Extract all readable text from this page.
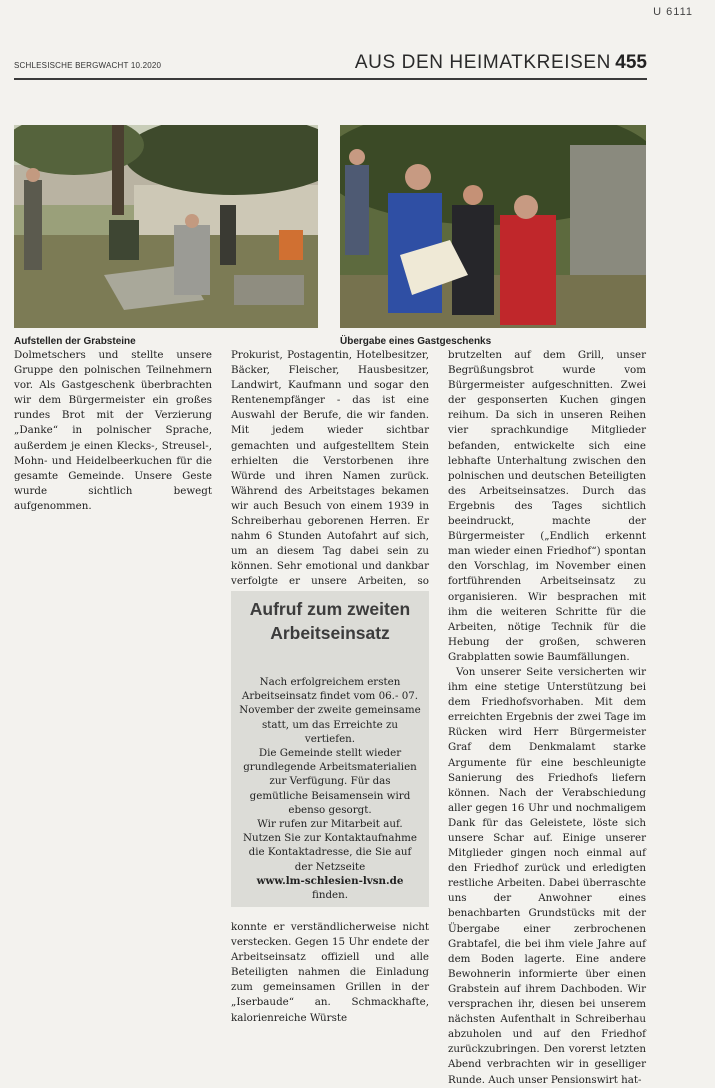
U 6111
SCHLESISCHE BERGWACHT 10.2020	AUS DEN HEIMATKREISEN 455
Aufstellen der Grabsteine	Übergabe eines Gastgeschenks

Dolmetschers und stellte unsere Gruppe den polnischen Teilnehmern vor. Als Gastgeschenk überbrachten wir dem Bürgermeister ein großes rundes Brot mit der Verzierung „Danke“ in polnischer Sprache, außerdem je einen Klecks-, Streusel-, Mohn- und Heidelbeerkuchen für die gesamte Gemeinde. Unsere Geste wurde sichtlich bewegt aufgenommen.

Prokurist, Postagentin, Hotelbesitzer, Bäcker, Fleischer, Hausbesitzer, Landwirt, Kaufmann und sogar den Rentenempfänger - das ist eine Auswahl der Berufe, die wir fanden. Mit jedem wieder sichtbar gemachten und aufgestelltem Stein erhielten die Verstorbenen ihre Würde und ihren Namen zurück. Während des Arbeitstages bekamen wir auch Besuch von einem 1939 in Schreiberhau geborenen Herren. Er nahm 6 Stunden Autofahrt auf sich, um an diesem Tag dabei sein zu können. Sehr emotional und dankbar verfolgte er unsere Arbeiten, so

Aufruf zum zweiten
Arbeitseinsatz

Nach erfolgreichem ersten Arbeitseinsatz findet vom 06.- 07. November der zweite gemeinsame statt, um das Erreichte zu vertiefen.

Die Gemeinde stellt wieder grundlegende Arbeitsmaterialien zur Verfügung. Für das gemütliche Beisamensein wird ebenso gesorgt.

Wir rufen zur Mitarbeit auf. Nutzen Sie zur Kontaktaufnahme die Kontaktadresse, die Sie auf der Netzseite

www.lm-schlesien-lvsn.de

finden.

konnte er verständlicherweise nicht verstecken. Gegen 15 Uhr endete der Arbeitseinsatz offiziell und alle Beteiligten nahmen die Einladung zum gemeinsamen Grillen in der „Iserbaude“ an. Schmackhafte, kalorienreiche Würste

brutzelten auf dem Grill, unser Begrüßungsbrot wurde vom Bürgermeister aufgeschnitten. Zwei der gesponserten Kuchen gingen reihum. Da sich in unseren Reihen vier sprachkundige Mitglieder befanden, entwickelte sich eine lebhafte Unterhaltung zwischen den polnischen und deutschen Beteiligten des Arbeitseinsatzes. Durch das Ergebnis des Tages sichtlich beeindruckt, machte der Bürgermeister („Endlich erkennt man wieder einen Friedhof“) spontan den Vorschlag, im November einen fortführenden Arbeitseinsatz zu organisieren. Wir besprachen mit ihm die weiteren Schritte für die Arbeiten, nötige Technik für die Hebung der großen, schweren Grabplatten sowie Baumfällungen.

Von unserer Seite versicherten wir ihm eine stetige Unterstützung bei dem Friedhofsvorhaben. Mit dem erreichten Ergebnis der zwei Tage im Rücken wird Herr Bürgermeister Graf dem Denkmalamt starke Argumente für eine beschleunigte Sanierung des Friedhofs liefern können. Nach der Verabschiedung aller gegen 16 Uhr und nochmaligem Dank für das Geleistete, löste sich unsere Schar auf. Einige unserer Mitglieder gingen noch einmal auf den Friedhof zurück und erledigten restliche Arbeiten. Dabei überraschte uns der Anwohner eines benachbarten Grundstücks mit der Übergabe einer zerbrochenen Grabtafel, die bei ihm viele Jahre auf dem Boden lagerte. Eine andere Bewohnerin informierte über einen Grabstein auf ihrem Dachboden. Wir versprachen ihr, diesen bei unserem nächsten Aufenthalt in Schreiberhau abzuholen und auf den Friedhof zurückzubringen. Den vorerst letzten Abend verbrachten wir in geselliger Runde. Auch unser Pensionswirt hat-
